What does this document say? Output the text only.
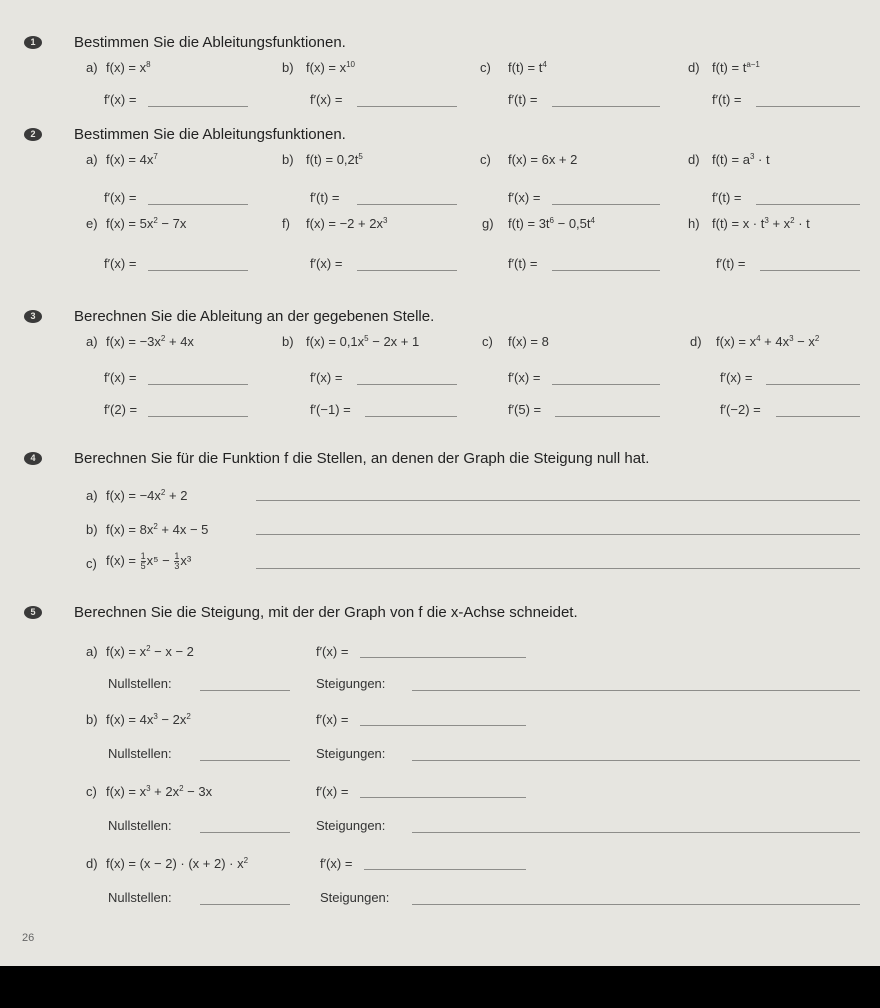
1	Bestimmen Sie die Ableitungsfunktionen.
a) $f(x) = x^8$
f′(x) =
b) $f(x) = x^{10}$
f′(x) =
c) $f(t) = t^4$
f′(t) =
d) $f(t) = t^{a-1}$
f′(t) =
2	Bestimmen Sie die Ableitungsfunktionen.
a) $f(x) = 4x^7$
f′(x) =
b) $f(t) = 0,2t^5$
f′(t) =
c) f(x) = 6x + 2
f′(x) =
d) $f(t) = a^3 \cdot t$
f′(t) =
e) $f(x) = 5x^2 - 7x$
f′(x) =
f) $f(x) = -2 + 2x^3$
f′(x) =
g) $f(t) = 3t^6 - 0,5t^4$
f′(t) =
h) $f(t) = x \cdot t^3 + x^2 \cdot t$
f′(t) =
3	Berechnen Sie die Ableitung an der gegebenen Stelle.
a) $f(x) = -3x^2 + 4x$
f′(x) =
f′(2) =
b) $f(x) = 0,1x^5 - 2x + 1$
f′(x) =
f′(−1) =
c) f(x) = 8
f′(x) =
f′(5) =
d) $f(x) = x^4 + 4x^3 - x^2$
f′(x) =
f′(−2) =
4	Berechnen Sie für die Funktion f die Stellen, an denen der Graph die Steigung null hat.
a) $f(x) = -4x^2 + 2$
b) $f(x) = 8x^2 + 4x - 5$
c) $f(x) = \frac{1}{5} x^5 - \frac{1}{3} x^3$
5	Berechnen Sie die Steigung, mit der der Graph von f die x-Achse schneidet.
a) $f(x) = x^2 - x - 2$	f′(x) =
Nullstellen:	Steigungen:
b) $f(x) = 4x^3 - 2x^2$	f′(x) =
Nullstellen:	Steigungen:
c) $f(x) = x^3 + 2x^2 - 3x$	f′(x) =
Nullstellen:	Steigungen:
d) $f(x) = (x - 2) \cdot (x + 2) \cdot x^2$	f′(x) =
Nullstellen:	Steigungen:
26
